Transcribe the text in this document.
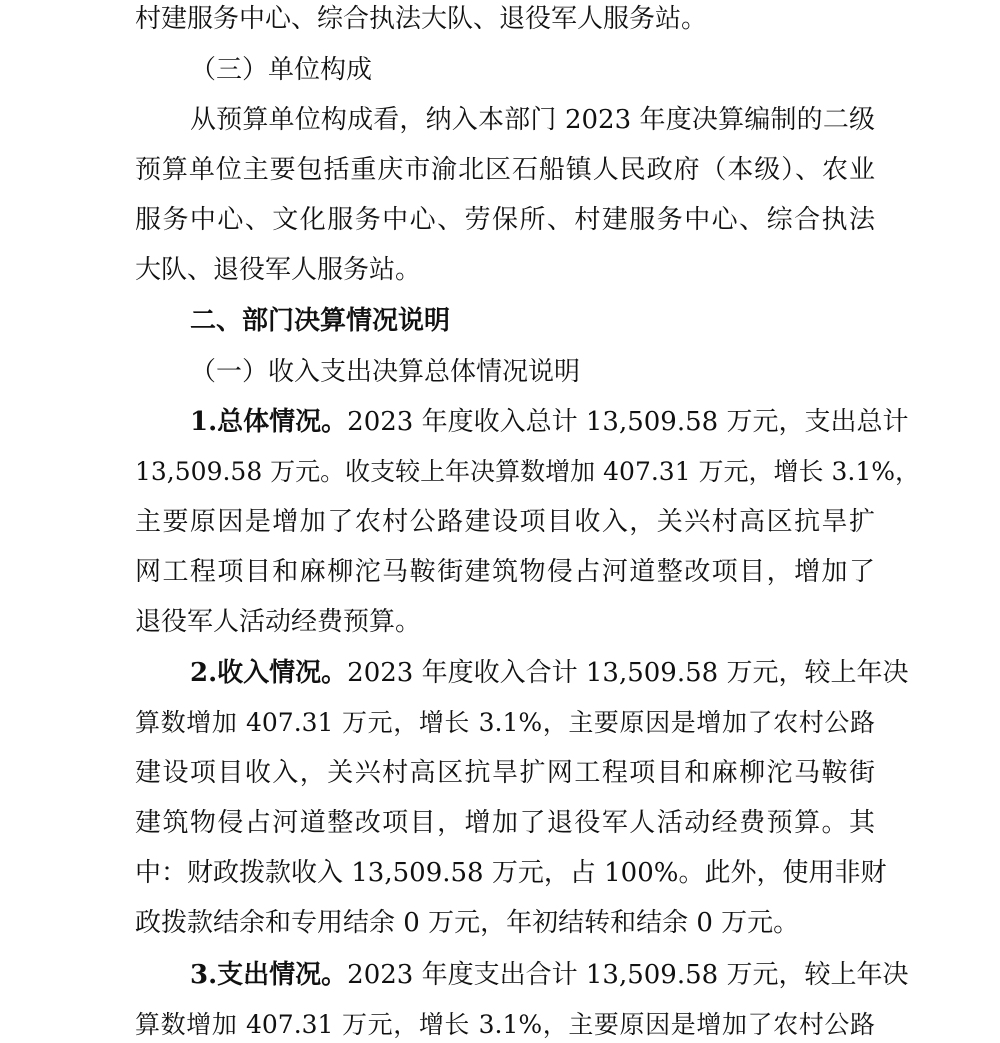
村建服务中心、综合执法大队、退役军人服务站。
（三）单位构成
从预算单位构成看，纳入本部门 2023 年度决算编制的二级
预算单位主要包括重庆市渝北区石船镇人民政府（本级）、农业
服务中心、文化服务中心、劳保所、村建服务中心、综合执法
大队、退役军人服务站。
二、部门决算情况说明
（一）收入支出决算总体情况说明
1.总体情况。 2023 年度收入总计 13,509.58 万元，支出总计
13,509.58 万元。收支较上年决算数增加 407.31 万元，增长 3.1%，
主要原因是增加了农村公路建设项目收入，关兴村高区抗旱扩
网工程项目和麻柳沱马鞍街建筑物侵占河道整改项目，增加了
退役军人活动经费预算。
2.收入情况。 2023 年度收入合计 13,509.58 万元，较上年决
算数增加 407.31 万元，增长 3.1%，主要原因是增加了农村公路
建设项目收入，关兴村高区抗旱扩网工程项目和麻柳沱马鞍街
建筑物侵占河道整改项目，增加了退役军人活动经费预算。其
中：财政拨款收入 13,509.58 万元，占 100%。此外，使用非财
政拨款结余和专用结余 0 万元，年初结转和结余 0 万元。
3.支出情况。 2023 年度支出合计 13,509.58 万元，较上年决
算数增加 407.31 万元，增长 3.1%，主要原因是增加了农村公路
